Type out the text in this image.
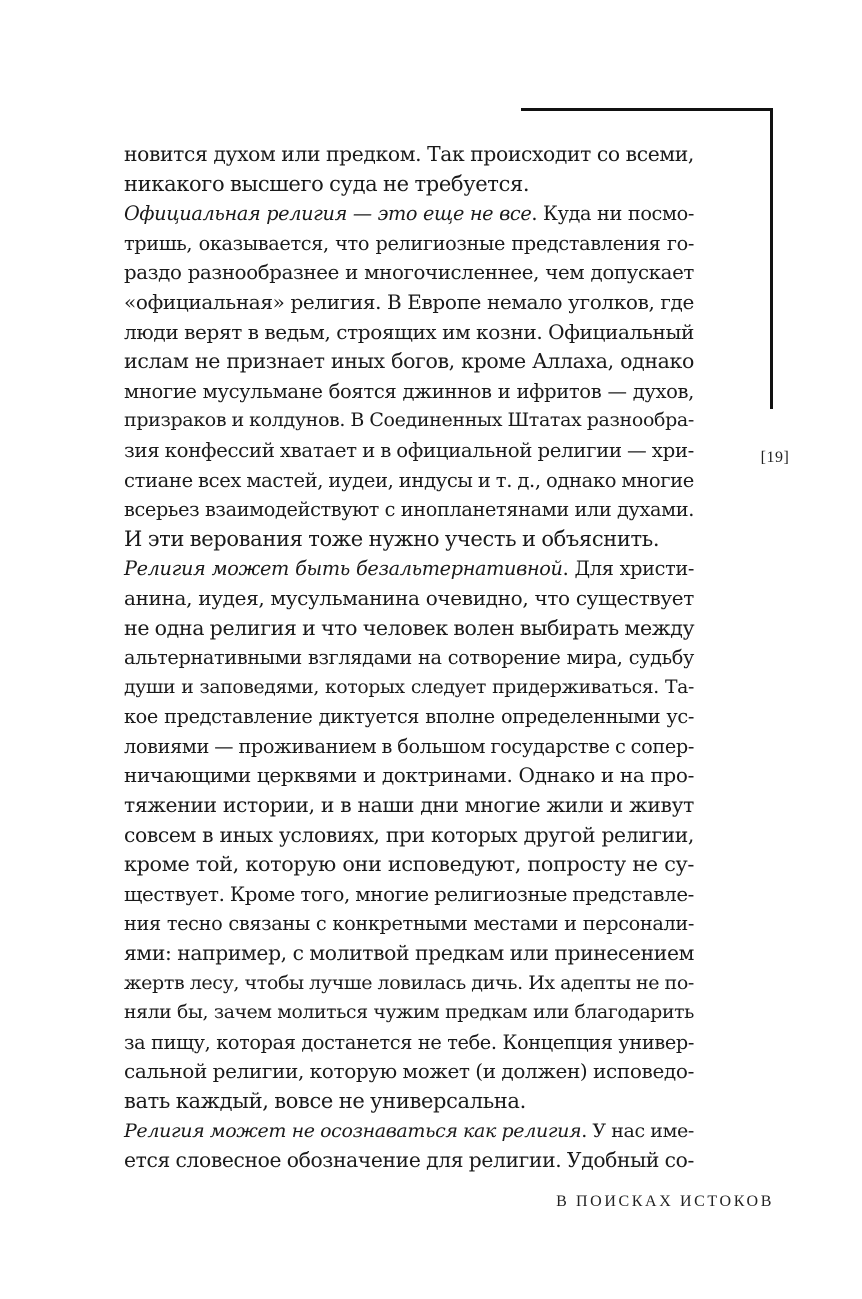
[19]
новится духом или предком. Так происходит со всеми,
никакого высшего суда не требуется.
Официальная религия — это еще не все. Куда ни посмо-
тришь, оказывается, что религиозные представления го-
раздо разнообразнее и многочисленнее, чем допускает
«официальная» религия. В Европе немало уголков, где
люди верят в ведьм, строящих им козни. Официальный
ислам не признает иных богов, кроме Аллаха, однако
многие мусульмане боятся джиннов и ифритов — духов,
призраков и колдунов. В Соединенных Штатах разнообра-
зия конфессий хватает и в официальной религии — хри-
стиане всех мастей, иудеи, индусы и т. д., однако многие
всерьез взаимодействуют с инопланетянами или духами.
И эти верования тоже нужно учесть и объяснить.
Религия может быть безальтернативной. Для христи-
анина, иудея, мусульманина очевидно, что существует
не одна религия и что человек волен выбирать между
альтернативными взглядами на сотворение мира, судьбу
души и заповедями, которых следует придерживаться. Та-
кое представление диктуется вполне определенными ус-
ловиями — проживанием в большом государстве с сопер-
ничающими церквями и доктринами. Однако и на про-
тяжении истории, и в наши дни многие жили и живут
совсем в иных условиях, при которых другой религии,
кроме той, которую они исповедуют, попросту не су-
ществует. Кроме того, многие религиозные представле-
ния тесно связаны с конкретными местами и персонали-
ями: например, с молитвой предкам или принесением
жертв лесу, чтобы лучше ловилась дичь. Их адепты не по-
няли бы, зачем молиться чужим предкам или благодарить
за пищу, которая достанется не тебе. Концепция универ-
сальной религии, которую может (и должен) исповедо-
вать каждый, вовсе не универсальна.
Религия может не осознаваться как религия. У нас име-
ется словесное обозначение для религии. Удобный со-
В ПОИСКАХ ИСТОКОВ
